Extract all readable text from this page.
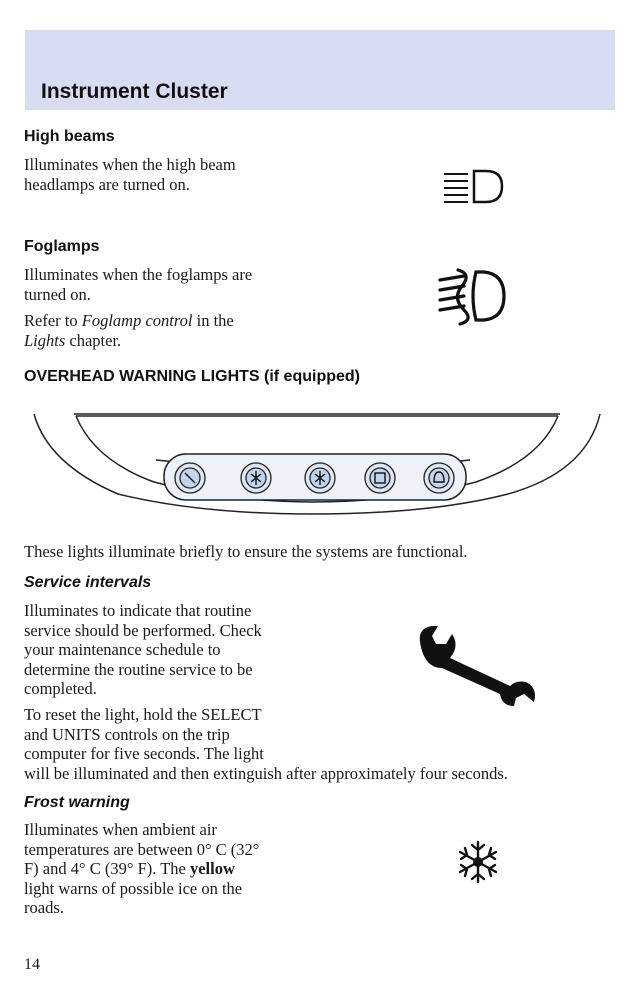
Instrument Cluster
High beams

Illuminates when the high beam
headlamps are turned on.

Foglamps

Illuminates when the foglamps are
turned on.

Refer to Foglamp control in the
Lights chapter.

OVERHEAD WARNING LIGHTS (if equipped)

These lights illuminate briefly to ensure the systems are functional.

Service intervals

Illuminates to indicate that routine
service should be performed. Check
your maintenance schedule to
determine the routine service to be
completed.

To reset the light, hold the SELECT
and UNITS controls on the trip
computer for five seconds. The light
will be illuminated and then extinguish after approximately four seconds.

Frost warning

Illuminates when ambient air
temperatures are between 0° C (32°
F) and 4° C (39° F). The yellow
light warns of possible ice on the
roads.

14
